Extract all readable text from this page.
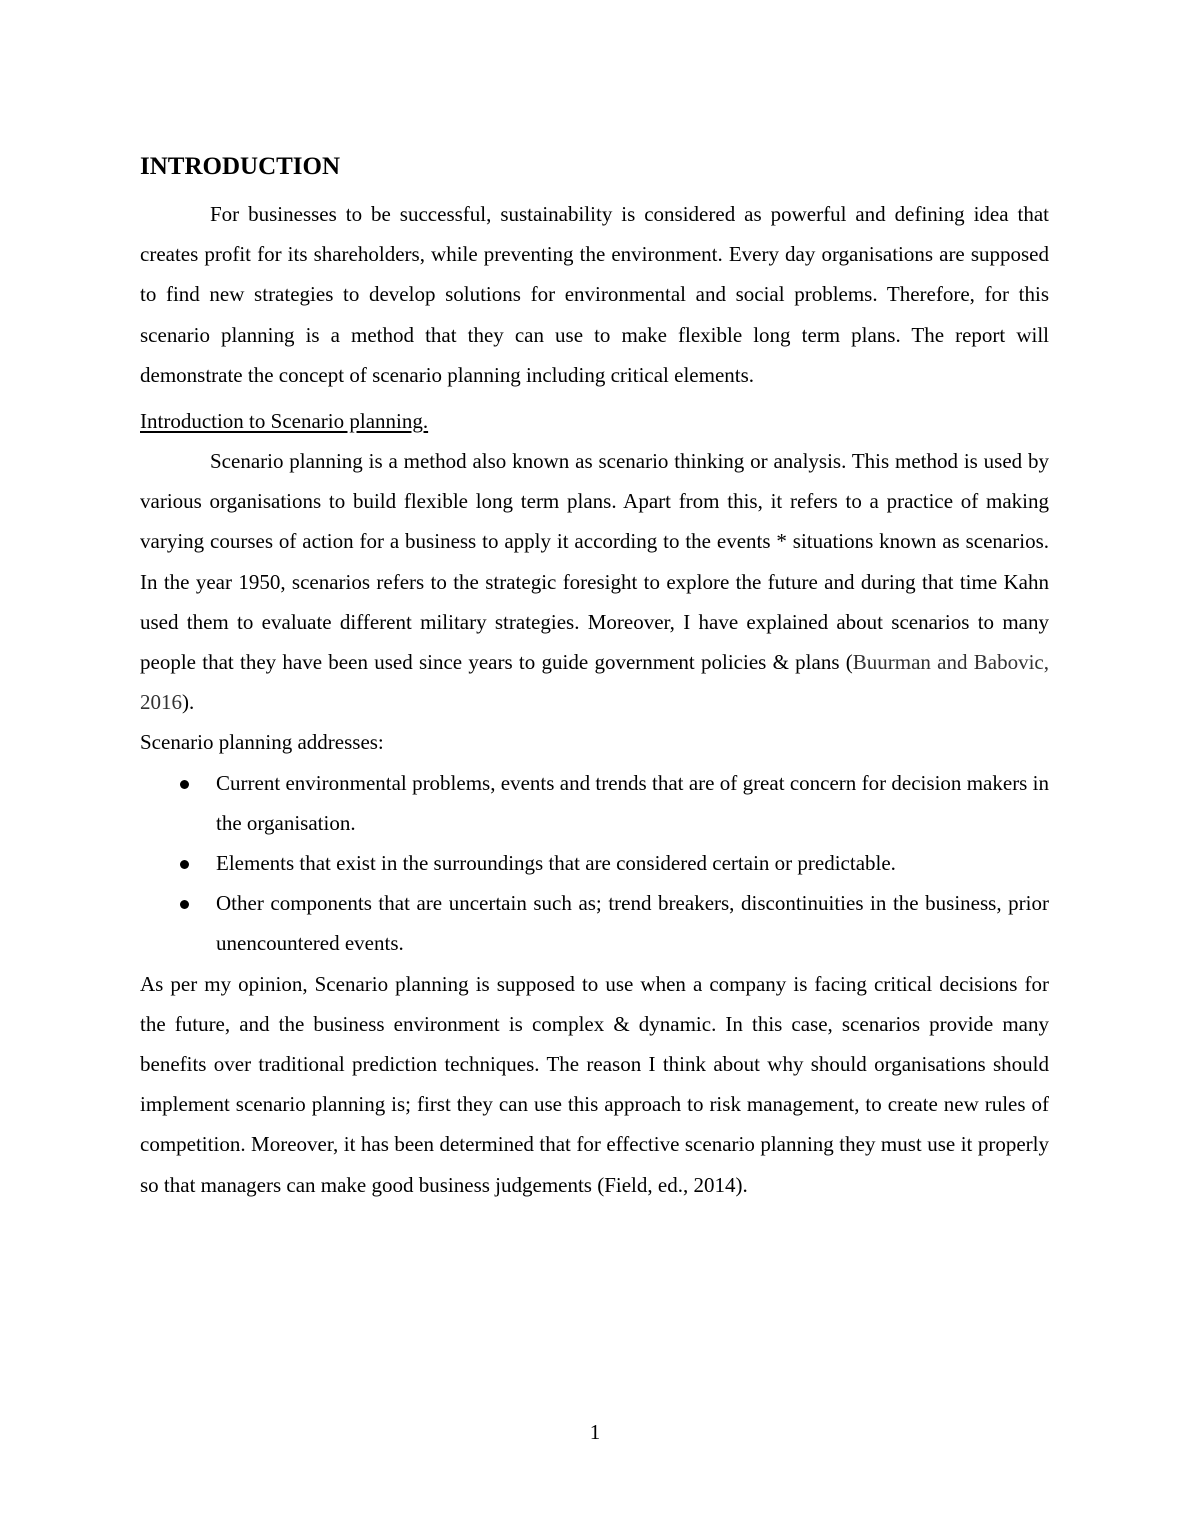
INTRODUCTION

For businesses to be successful, sustainability is considered as powerful and defining idea that creates profit for its shareholders, while preventing the environment. Every day organisations are supposed to find new strategies to develop solutions for environmental and social problems. Therefore, for this scenario planning is a method that they can use to make flexible long term plans. The report will demonstrate the concept of scenario planning including critical elements.

Introduction to Scenario planning.

Scenario planning is a method also known as scenario thinking or analysis. This method is used by various organisations to build flexible long term plans. Apart from this, it refers to a practice of making varying courses of action for a business to apply it according to the events * situations known as scenarios. In the year 1950, scenarios refers to the strategic foresight to explore the future and during that time Kahn used them to evaluate different military strategies. Moreover, I have explained about scenarios to many people that they have been used since years to guide government policies & plans (Buurman and Babovic, 2016).

Scenario planning addresses:

Current environmental problems, events and trends that are of great concern for decision makers in the organisation.
Elements that exist in the surroundings that are considered certain or predictable.
Other components that are uncertain such as; trend breakers, discontinuities in the business, prior unencountered events.

As per my opinion, Scenario planning is supposed to use when a company is facing critical decisions for the future, and the business environment is complex & dynamic. In this case, scenarios provide many benefits over traditional prediction techniques. The reason I think about why should organisations should implement scenario planning is; first they can use this approach to risk management, to create new rules of competition. Moreover, it has been determined that for effective scenario planning they must use it properly so that managers can make good business judgements (Field, ed., 2014).

1
